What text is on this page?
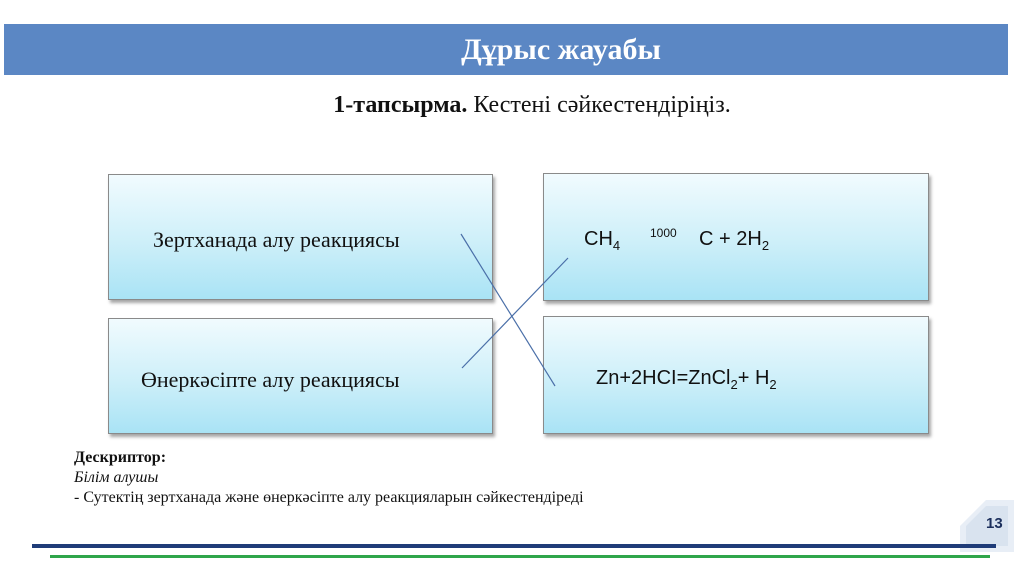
Дұрыс жауабы
1-тапсырма. Кестені сәйкестендіріңіз.
Зертханада алу реакциясы
Өнеркәсіпте алу реакциясы
$CH_4$
1000 $C + 2H_2$
Zn+2HCI=ZnCl$_2$+ $H_2$
Дескриптор:
Білім алушы
- Сутектің зертханада және өнеркәсіпте алу реакцияларын сәйкестендіреді
13
